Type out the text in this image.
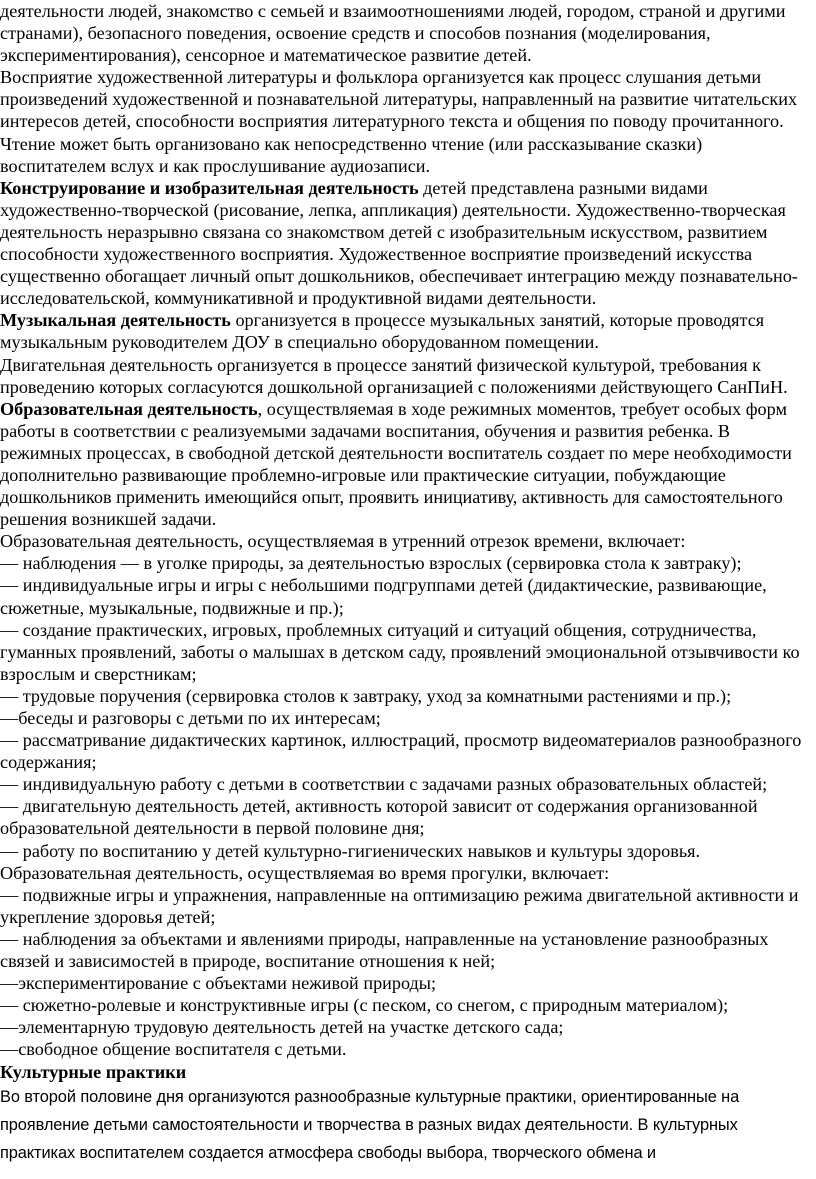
деятельности людей, знакомство с семьей и взаимоотношениями людей, городом, страной и другими странами), безопасного поведения, освоение средств и способов познания (моделирования, экспериментирования), сенсорное и математическое развитие детей.

Восприятие художественной литературы и фольклора организуется как процесс слушания детьми произведений художественной и познавательной литературы, направленный на развитие читательских интересов детей, способности восприятия литературного текста и общения по поводу прочитанного. Чтение может быть организовано как непосредственно чтение (или рассказывание сказки) воспитателем вслух и как прослушивание аудиозаписи.

Конструирование и изобразительная деятельность детей представлена разными видами художественно-творческой (рисование, лепка, аппликация) деятельности. Художественно-творческая деятельность неразрывно связана со знакомством детей с изобразительным искусством, развитием способности художественного восприятия. Художественное восприятие произведений искусства существенно обогащает личный опыт дошкольников, обеспечивает интеграцию между познавательно-исследовательской, коммуникативной и продуктивной видами деятельности.

Музыкальная деятельность организуется в процессе музыкальных занятий, которые проводятся музыкальным руководителем ДОУ в специально оборудованном помещении.

Двигательная деятельность организуется в процессе занятий физической культурой, требования к проведению которых согласуются дошкольной организацией с положениями действующего СанПиН.

Образовательная деятельность, осуществляемая в ходе режимных моментов, требует особых форм работы в соответствии с реализуемыми задачами воспитания, обучения и развития ребенка. В режимных процессах, в свободной детской деятельности воспитатель создает по мере необходимости дополнительно развивающие проблемно-игровые или практические ситуации, побуждающие дошкольников применить имеющийся опыт, проявить инициативу, активность для самостоятельного решения возникшей задачи.

Образовательная деятельность, осуществляемая в утренний отрезок времени, включает:

— наблюдения — в уголке природы, за деятельностью взрослых (сервировка стола к завтраку);

— индивидуальные игры и игры с небольшими подгруппами детей (дидактические, развивающие, сюжетные, музыкальные, подвижные и пр.);

— создание практических, игровых, проблемных ситуаций и ситуаций общения, сотрудничества, гуманных проявлений, заботы о малышах в детском саду, проявлений эмоциональной отзывчивости ко взрослым и сверстникам;

— трудовые поручения (сервировка столов к завтраку, уход за комнатными растениями и пр.);

—беседы и разговоры с детьми по их интересам;

— рассматривание дидактических картинок, иллюстраций, просмотр видеоматериалов разнообразного содержания;

— индивидуальную работу с детьми в соответствии с задачами разных образовательных областей;

— двигательную деятельность детей, активность которой зависит от содержания организованной образовательной деятельности в первой половине дня;

— работу по воспитанию у детей культурно-гигиенических навыков и культуры здоровья.

Образовательная деятельность, осуществляемая во время прогулки, включает:

— подвижные игры и упражнения, направленные на оптимизацию режима двигательной активности и укрепление здоровья детей;

— наблюдения за объектами и явлениями природы, направленные на установление разнообразных связей и зависимостей в природе, воспитание отношения к ней;

—экспериментирование с объектами неживой природы;

— сюжетно-ролевые и конструктивные игры (с песком, со снегом, с природным материалом);

—элементарную трудовую деятельность детей на участке детского сада;

—свободное общение воспитателя с детьми.

Культурные практики

Во второй половине дня организуются разнообразные культурные практики, ориентированные на проявление детьми самостоятельности и творчества в разных видах деятельности. В культурных практиках воспитателем создается атмосфера свободы выбора, творческого обмена и
